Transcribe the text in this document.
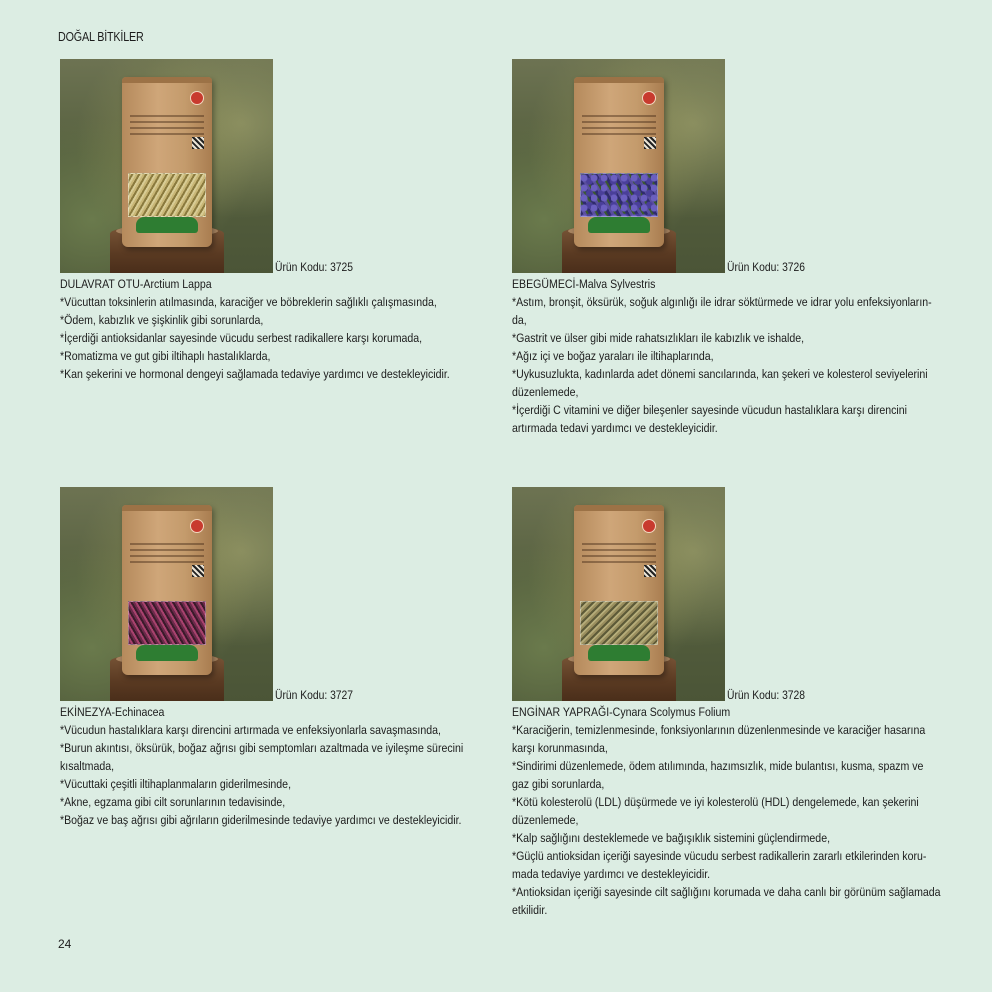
DOĞAL BİTKİLER
Ürün Kodu: 3725
DULAVRAT OTU-Arctium Lappa
*Vücuttan toksinlerin atılmasında, karaciğer ve böbreklerin sağlıklı çalışmasında,
*Ödem, kabızlık ve şişkinlik gibi sorunlarda,
*İçerdiği antioksidanlar sayesinde vücudu serbest radikallere karşı korumada,
*Romatizma ve gut gibi iltihaplı hastalıklarda,
*Kan şekerini ve hormonal dengeyi sağlamada tedaviye yardımcı ve destekleyicidir.
Ürün Kodu: 3726
EBEGÜMECİ-Malva Sylvestris
*Astım, bronşit, öksürük, soğuk algınlığı ile idrar söktürmede ve idrar yolu enfeksiyonların-
da,
*Gastrit ve ülser gibi mide rahatsızlıkları ile kabızlık ve ishalde,
*Ağız içi ve boğaz yaraları ile iltihaplarında,
*Uykusuzlukta, kadınlarda adet dönemi sancılarında, kan şekeri ve kolesterol seviyelerini
düzenlemede,
*İçerdiği C vitamini ve diğer bileşenler sayesinde vücudun hastalıklara karşı direncini
artırmada tedavi yardımcı ve destekleyicidir.
Ürün Kodu: 3727
EKİNEZYA-Echinacea
*Vücudun hastalıklara karşı direncini artırmada ve enfeksiyonlarla savaşmasında,
*Burun akıntısı, öksürük, boğaz ağrısı gibi semptomları azaltmada ve iyileşme sürecini
kısaltmada,
*Vücuttaki çeşitli iltihaplanmaların giderilmesinde,
*Akne, egzama gibi cilt sorunlarının tedavisinde,
*Boğaz ve baş ağrısı gibi ağrıların giderilmesinde tedaviye yardımcı ve destekleyicidir.
Ürün Kodu: 3728
ENGİNAR YAPRAĞI-Cynara Scolymus Folium
*Karaciğerin, temizlenmesinde, fonksiyonlarının düzenlenmesinde ve karaciğer hasarına
karşı korunmasında,
*Sindirimi düzenlemede, ödem atılımında, hazımsızlık, mide bulantısı, kusma, spazm ve
gaz gibi sorunlarda,
*Kötü kolesterolü (LDL) düşürmede ve iyi kolesterolü (HDL) dengelemede, kan şekerini
düzenlemede,
*Kalp sağlığını desteklemede ve bağışıklık sistemini güçlendirmede,
*Güçlü antioksidan içeriği sayesinde vücudu serbest radikallerin zararlı etkilerinden koru-
mada tedaviye yardımcı ve destekleyicidir.
*Antioksidan içeriği sayesinde cilt sağlığını korumada ve daha canlı bir görünüm sağlamada
etkilidir.
24
